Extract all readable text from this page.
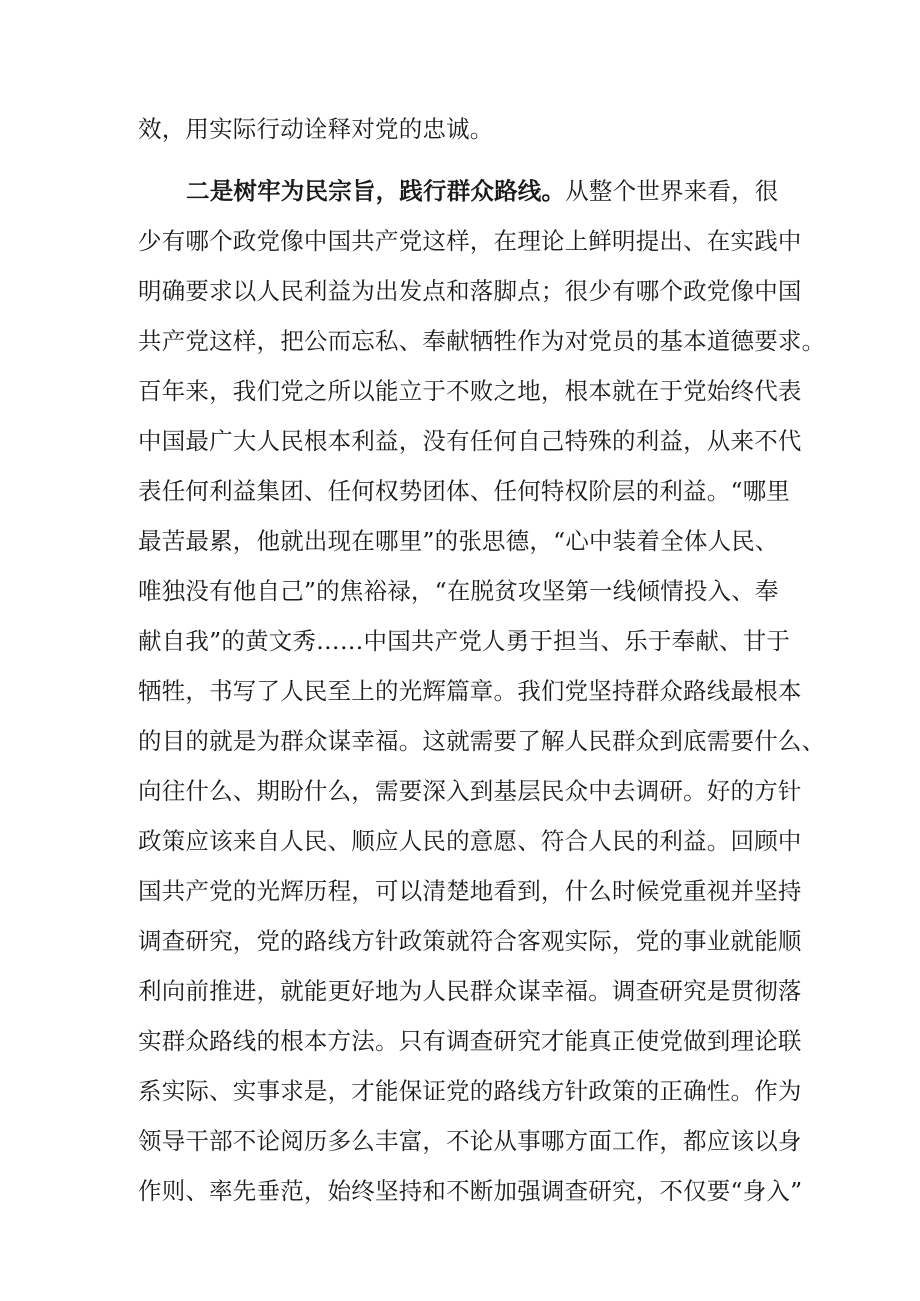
效，用实际行动诠释对党的忠诚。
二是树牢为民宗旨，践行群众路线。从整个世界来看，很
少有哪个政党像中国共产党这样，在理论上鲜明提出、在实践中
明确要求以人民利益为出发点和落脚点；很少有哪个政党像中国
共产党这样，把公而忘私、奉献牺牲作为对党员的基本道德要求。
百年来，我们党之所以能立于不败之地，根本就在于党始终代表
中国最广大人民根本利益，没有任何自己特殊的利益，从来不代
表任何利益集团、任何权势团体、任何特权阶层的利益。“哪里
最苦最累，他就出现在哪里”的张思德，“心中装着全体人民、
唯独没有他自己”的焦裕禄，“在脱贫攻坚第一线倾情投入、奉
献自我”的黄文秀……中国共产党人勇于担当、乐于奉献、甘于
牺牲，书写了人民至上的光辉篇章。我们党坚持群众路线最根本
的目的就是为群众谋幸福。这就需要了解人民群众到底需要什么、
向往什么、期盼什么，需要深入到基层民众中去调研。好的方针
政策应该来自人民、顺应人民的意愿、符合人民的利益。回顾中
国共产党的光辉历程，可以清楚地看到，什么时候党重视并坚持
调查研究，党的路线方针政策就符合客观实际，党的事业就能顺
利向前推进，就能更好地为人民群众谋幸福。调查研究是贯彻落
实群众路线的根本方法。只有调查研究才能真正使党做到理论联
系实际、实事求是，才能保证党的路线方针政策的正确性。作为
领导干部不论阅历多么丰富，不论从事哪方面工作，都应该以身
作则、率先垂范，始终坚持和不断加强调查研究，不仅要“身入”
